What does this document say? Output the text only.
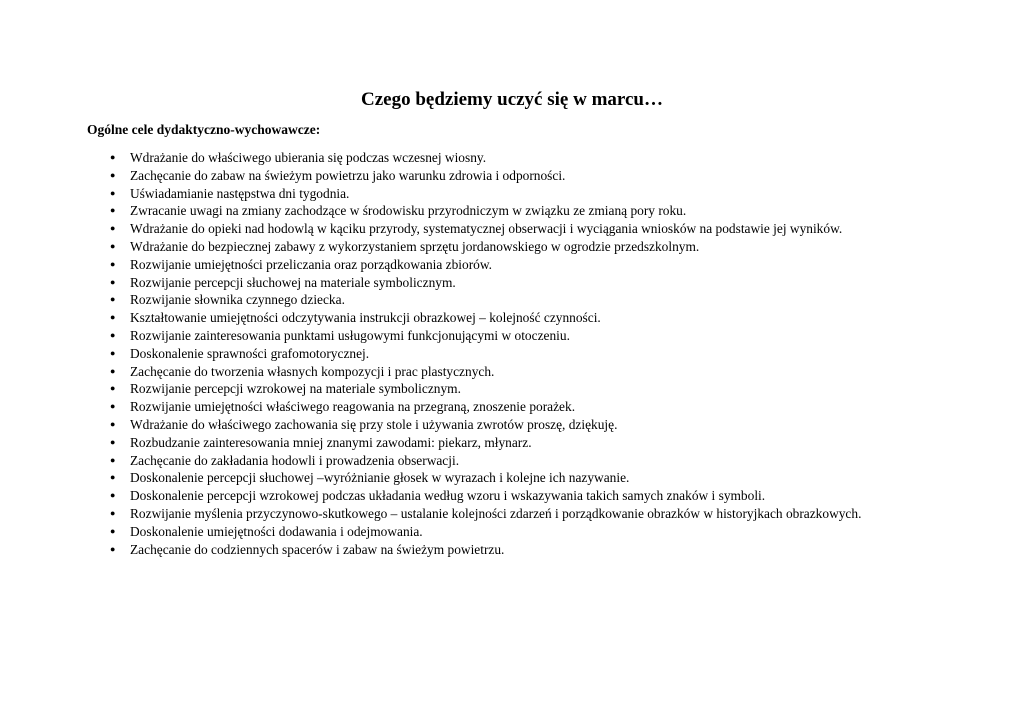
Czego będziemy uczyć się w marcu…
Ogólne cele dydaktyczno-wychowawcze:
● Wdrażanie do właściwego ubierania się podczas wczesnej wiosny.
● Zachęcanie do zabaw na świeżym powietrzu jako warunku zdrowia i odporności.
● Uświadamianie następstwa dni tygodnia.
● Zwracanie uwagi na zmiany zachodzące w środowisku przyrodniczym w związku ze zmianą pory roku.
● Wdrażanie do opieki nad hodowlą w kąciku przyrody, systematycznej obserwacji i wyciągania wniosków na podstawie jej wyników.
● Wdrażanie do bezpiecznej zabawy z wykorzystaniem sprzętu jordanowskiego w ogrodzie przedszkolnym.
● Rozwijanie umiejętności przeliczania oraz porządkowania zbiorów.
● Rozwijanie percepcji słuchowej na materiale symbolicznym.
● Rozwijanie słownika czynnego dziecka.
● Kształtowanie umiejętności odczytywania instrukcji obrazkowej – kolejność czynności.
● Rozwijanie zainteresowania punktami usługowymi funkcjonującymi w otoczeniu.
● Doskonalenie sprawności grafomotorycznej.
● Zachęcanie do tworzenia własnych kompozycji i prac plastycznych.
● Rozwijanie percepcji wzrokowej na materiale symbolicznym.
● Rozwijanie umiejętności właściwego reagowania na przegraną, znoszenie porażek.
● Wdrażanie do właściwego zachowania się przy stole i używania zwrotów proszę, dziękuję.
● Rozbudzanie zainteresowania mniej znanymi zawodami: piekarz, młynarz.
● Zachęcanie do zakładania hodowli i prowadzenia obserwacji.
● Doskonalenie percepcji słuchowej –wyróżnianie głosek w wyrazach i kolejne ich nazywanie.
● Doskonalenie percepcji wzrokowej podczas układania według wzoru i wskazywania takich samych znaków i symboli.
● Rozwijanie myślenia przyczynowo-skutkowego – ustalanie kolejności zdarzeń i porządkowanie obrazków w historyjkach obrazkowych.
● Doskonalenie umiejętności dodawania i odejmowania.
● Zachęcanie do codziennych spacerów i zabaw na świeżym powietrzu.
